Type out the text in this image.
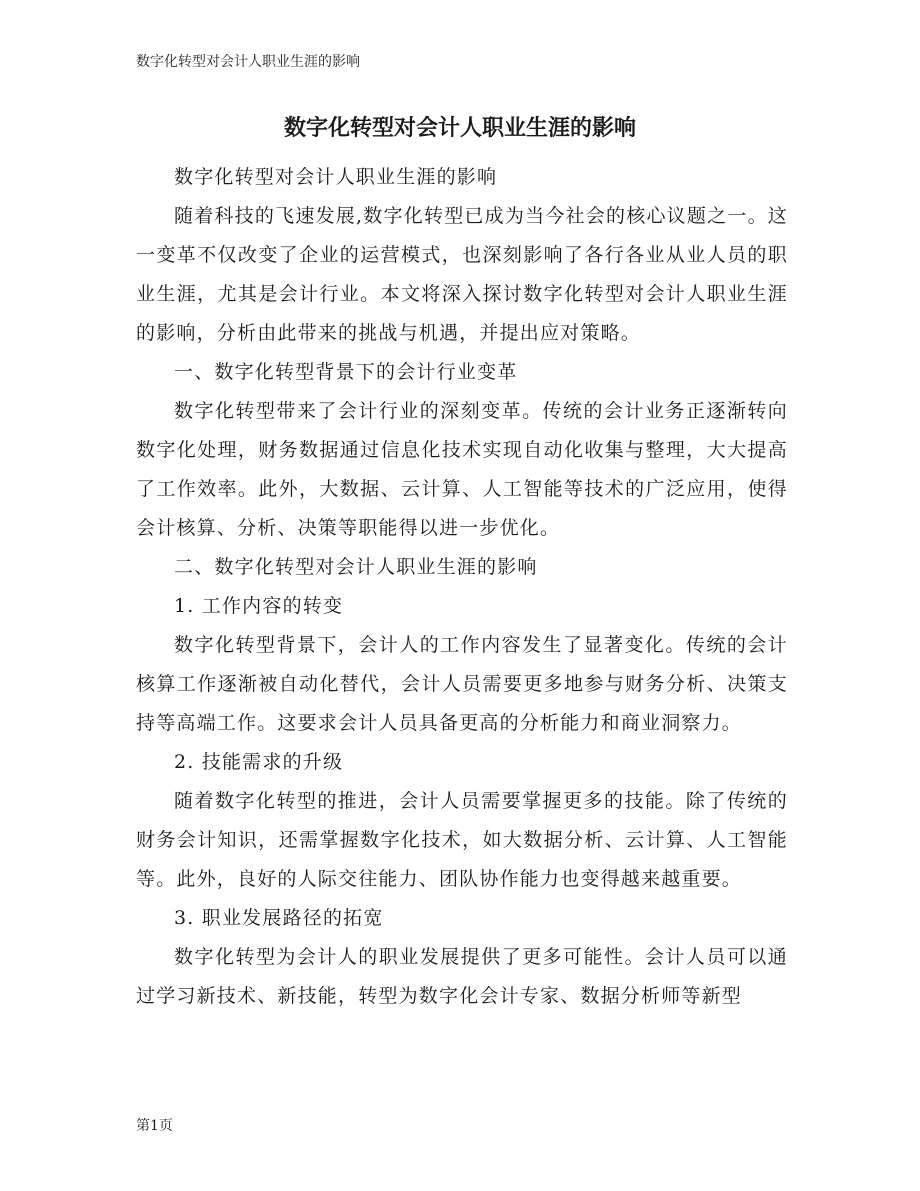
数字化转型对会计人职业生涯的影响
数字化转型对会计人职业生涯的影响

数字化转型对会计人职业生涯的影响

随着科技的飞速发展,数字化转型已成为当今社会的核心议题之一。这一变革不仅改变了企业的运营模式，也深刻影响了各行各业从业人员的职业生涯，尤其是会计行业。本文将深入探讨数字化转型对会计人职业生涯的影响，分析由此带来的挑战与机遇，并提出应对策略。

一、数字化转型背景下的会计行业变革

数字化转型带来了会计行业的深刻变革。传统的会计业务正逐渐转向数字化处理，财务数据通过信息化技术实现自动化收集与整理，大大提高了工作效率。此外，大数据、云计算、人工智能等技术的广泛应用，使得会计核算、分析、决策等职能得以进一步优化。

二、数字化转型对会计人职业生涯的影响

1. 工作内容的转变

数字化转型背景下，会计人的工作内容发生了显著变化。传统的会计核算工作逐渐被自动化替代，会计人员需要更多地参与财务分析、决策支持等高端工作。这要求会计人员具备更高的分析能力和商业洞察力。

2. 技能需求的升级

随着数字化转型的推进，会计人员需要掌握更多的技能。除了传统的财务会计知识，还需掌握数字化技术，如大数据分析、云计算、人工智能等。此外，良好的人际交往能力、团队协作能力也变得越来越重要。

3. 职业发展路径的拓宽

数字化转型为会计人的职业发展提供了更多可能性。会计人员可以通过学习新技术、新技能，转型为数字化会计专家、数据分析师等新型

第1页
